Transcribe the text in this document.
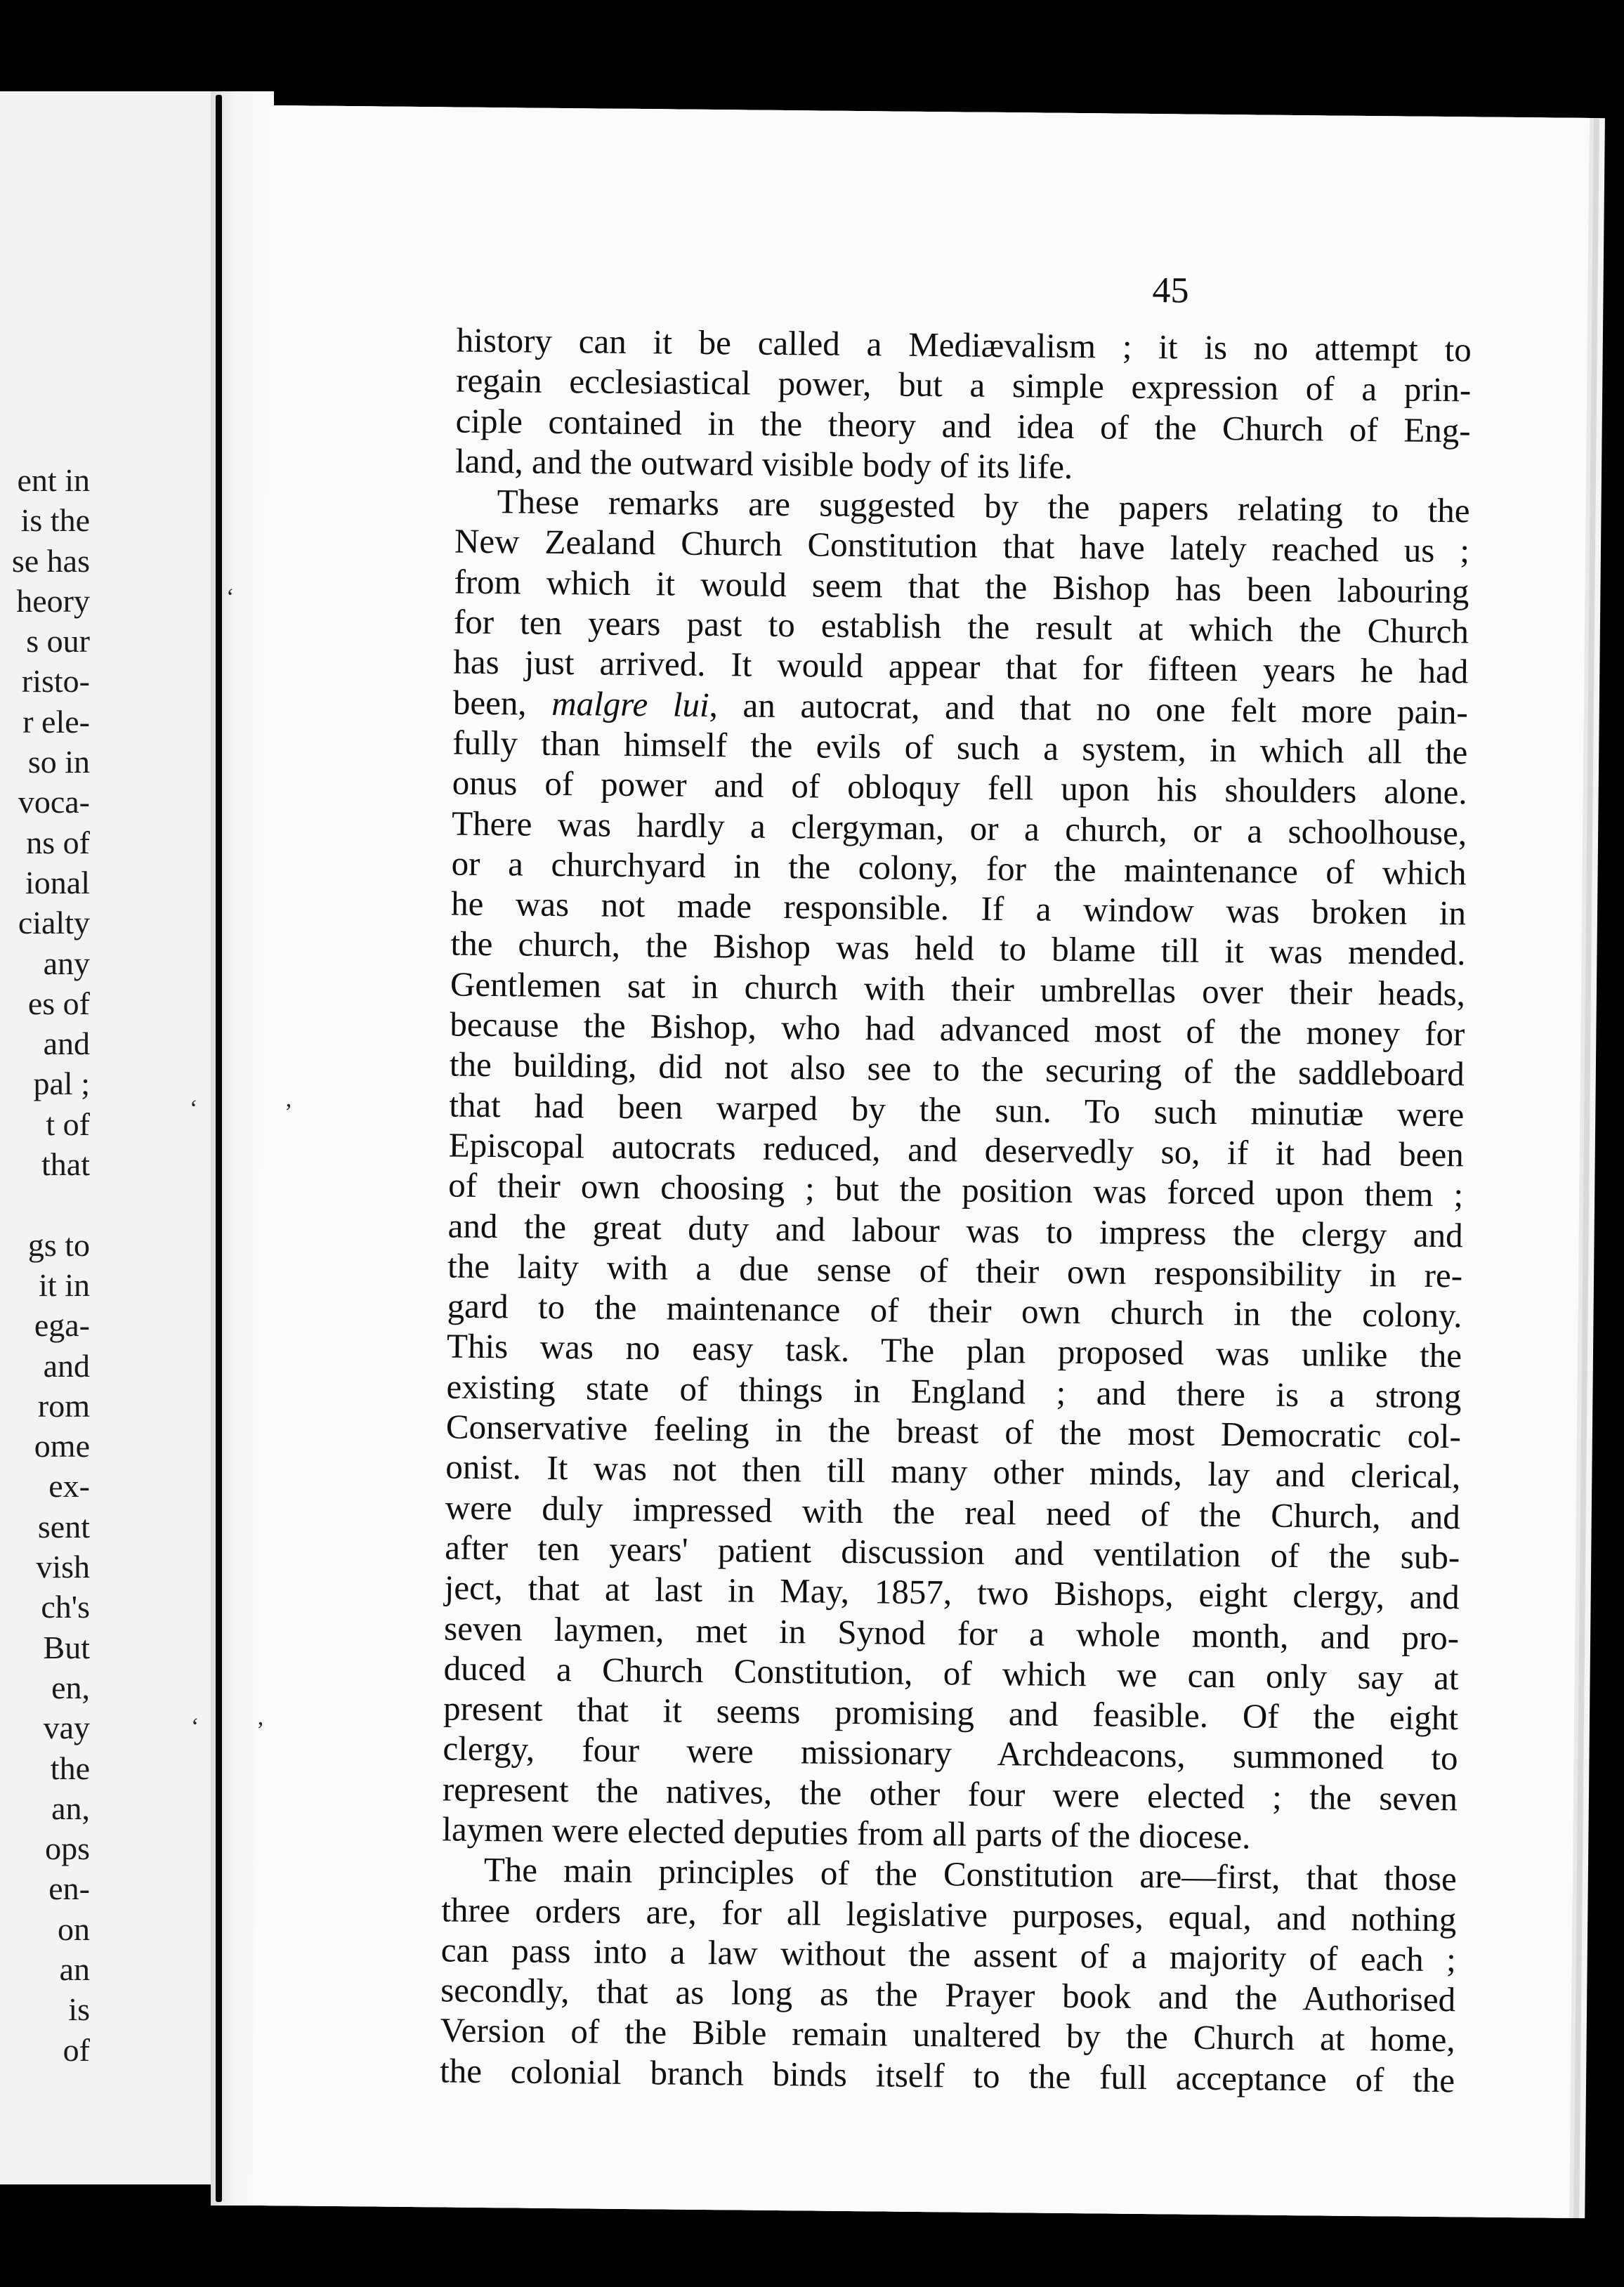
ent in
is the
se has
heory
s our
risto-
r ele-
so in
voca-
ns of
ional
cialty
any
es of
and
pal ;
t of
that
gs to
it in
ega-
and
rom
ome
ex-
sent
vish
ch's
But
en,
vay
the
an,
ops
en-
on
an
is
of
45
history can it be called a Mediævalism ; it is no attempt to
regain ecclesiastical power, but a simple expression of a prin-
ciple contained in the theory and idea of the Church of Eng-
land, and the outward visible body of its life.
These remarks are suggested by the papers relating to the
New Zealand Church Constitution that have lately reached us ;
from which it would seem that the Bishop has been labouring
for ten years past to establish the result at which the Church
has just arrived. It would appear that for fifteen years he had
been, malgre lui, an autocrat, and that no one felt more pain-
fully than himself the evils of such a system, in which all the
onus of power and of obloquy fell upon his shoulders alone.
There was hardly a clergyman, or a church, or a schoolhouse,
or a churchyard in the colony, for the maintenance of which
he was not made responsible. If a window was broken in
the church, the Bishop was held to blame till it was mended.
Gentlemen sat in church with their umbrellas over their heads,
because the Bishop, who had advanced most of the money for
the building, did not also see to the securing of the saddleboard
that had been warped by the sun. To such minutiæ were
Episcopal autocrats reduced, and deservedly so, if it had been
of their own choosing ; but the position was forced upon them ;
and the great duty and labour was to impress the clergy and
the laity with a due sense of their own responsibility in re-
gard to the maintenance of their own church in the colony.
This was no easy task. The plan proposed was unlike the
existing state of things in England ; and there is a strong
Conservative feeling in the breast of the most Democratic col-
onist. It was not then till many other minds, lay and clerical,
were duly impressed with the real need of the Church, and
after ten years' patient discussion and ventilation of the sub-
ject, that at last in May, 1857, two Bishops, eight clergy, and
seven laymen, met in Synod for a whole month, and pro-
duced a Church Constitution, of which we can only say at
present that it seems promising and feasible. Of the eight
clergy, four were missionary Archdeacons, summoned to
represent the natives, the other four were elected ; the seven
laymen were elected deputies from all parts of the diocese.
The main principles of the Constitution are—first, that those
three orders are, for all legislative purposes, equal, and nothing
can pass into a law without the assent of a majority of each ;
secondly, that as long as the Prayer book and the Authorised
Version of the Bible remain unaltered by the Church at home,
the colonial branch binds itself to the full acceptance of the
‘
‘	’
‘ ’
